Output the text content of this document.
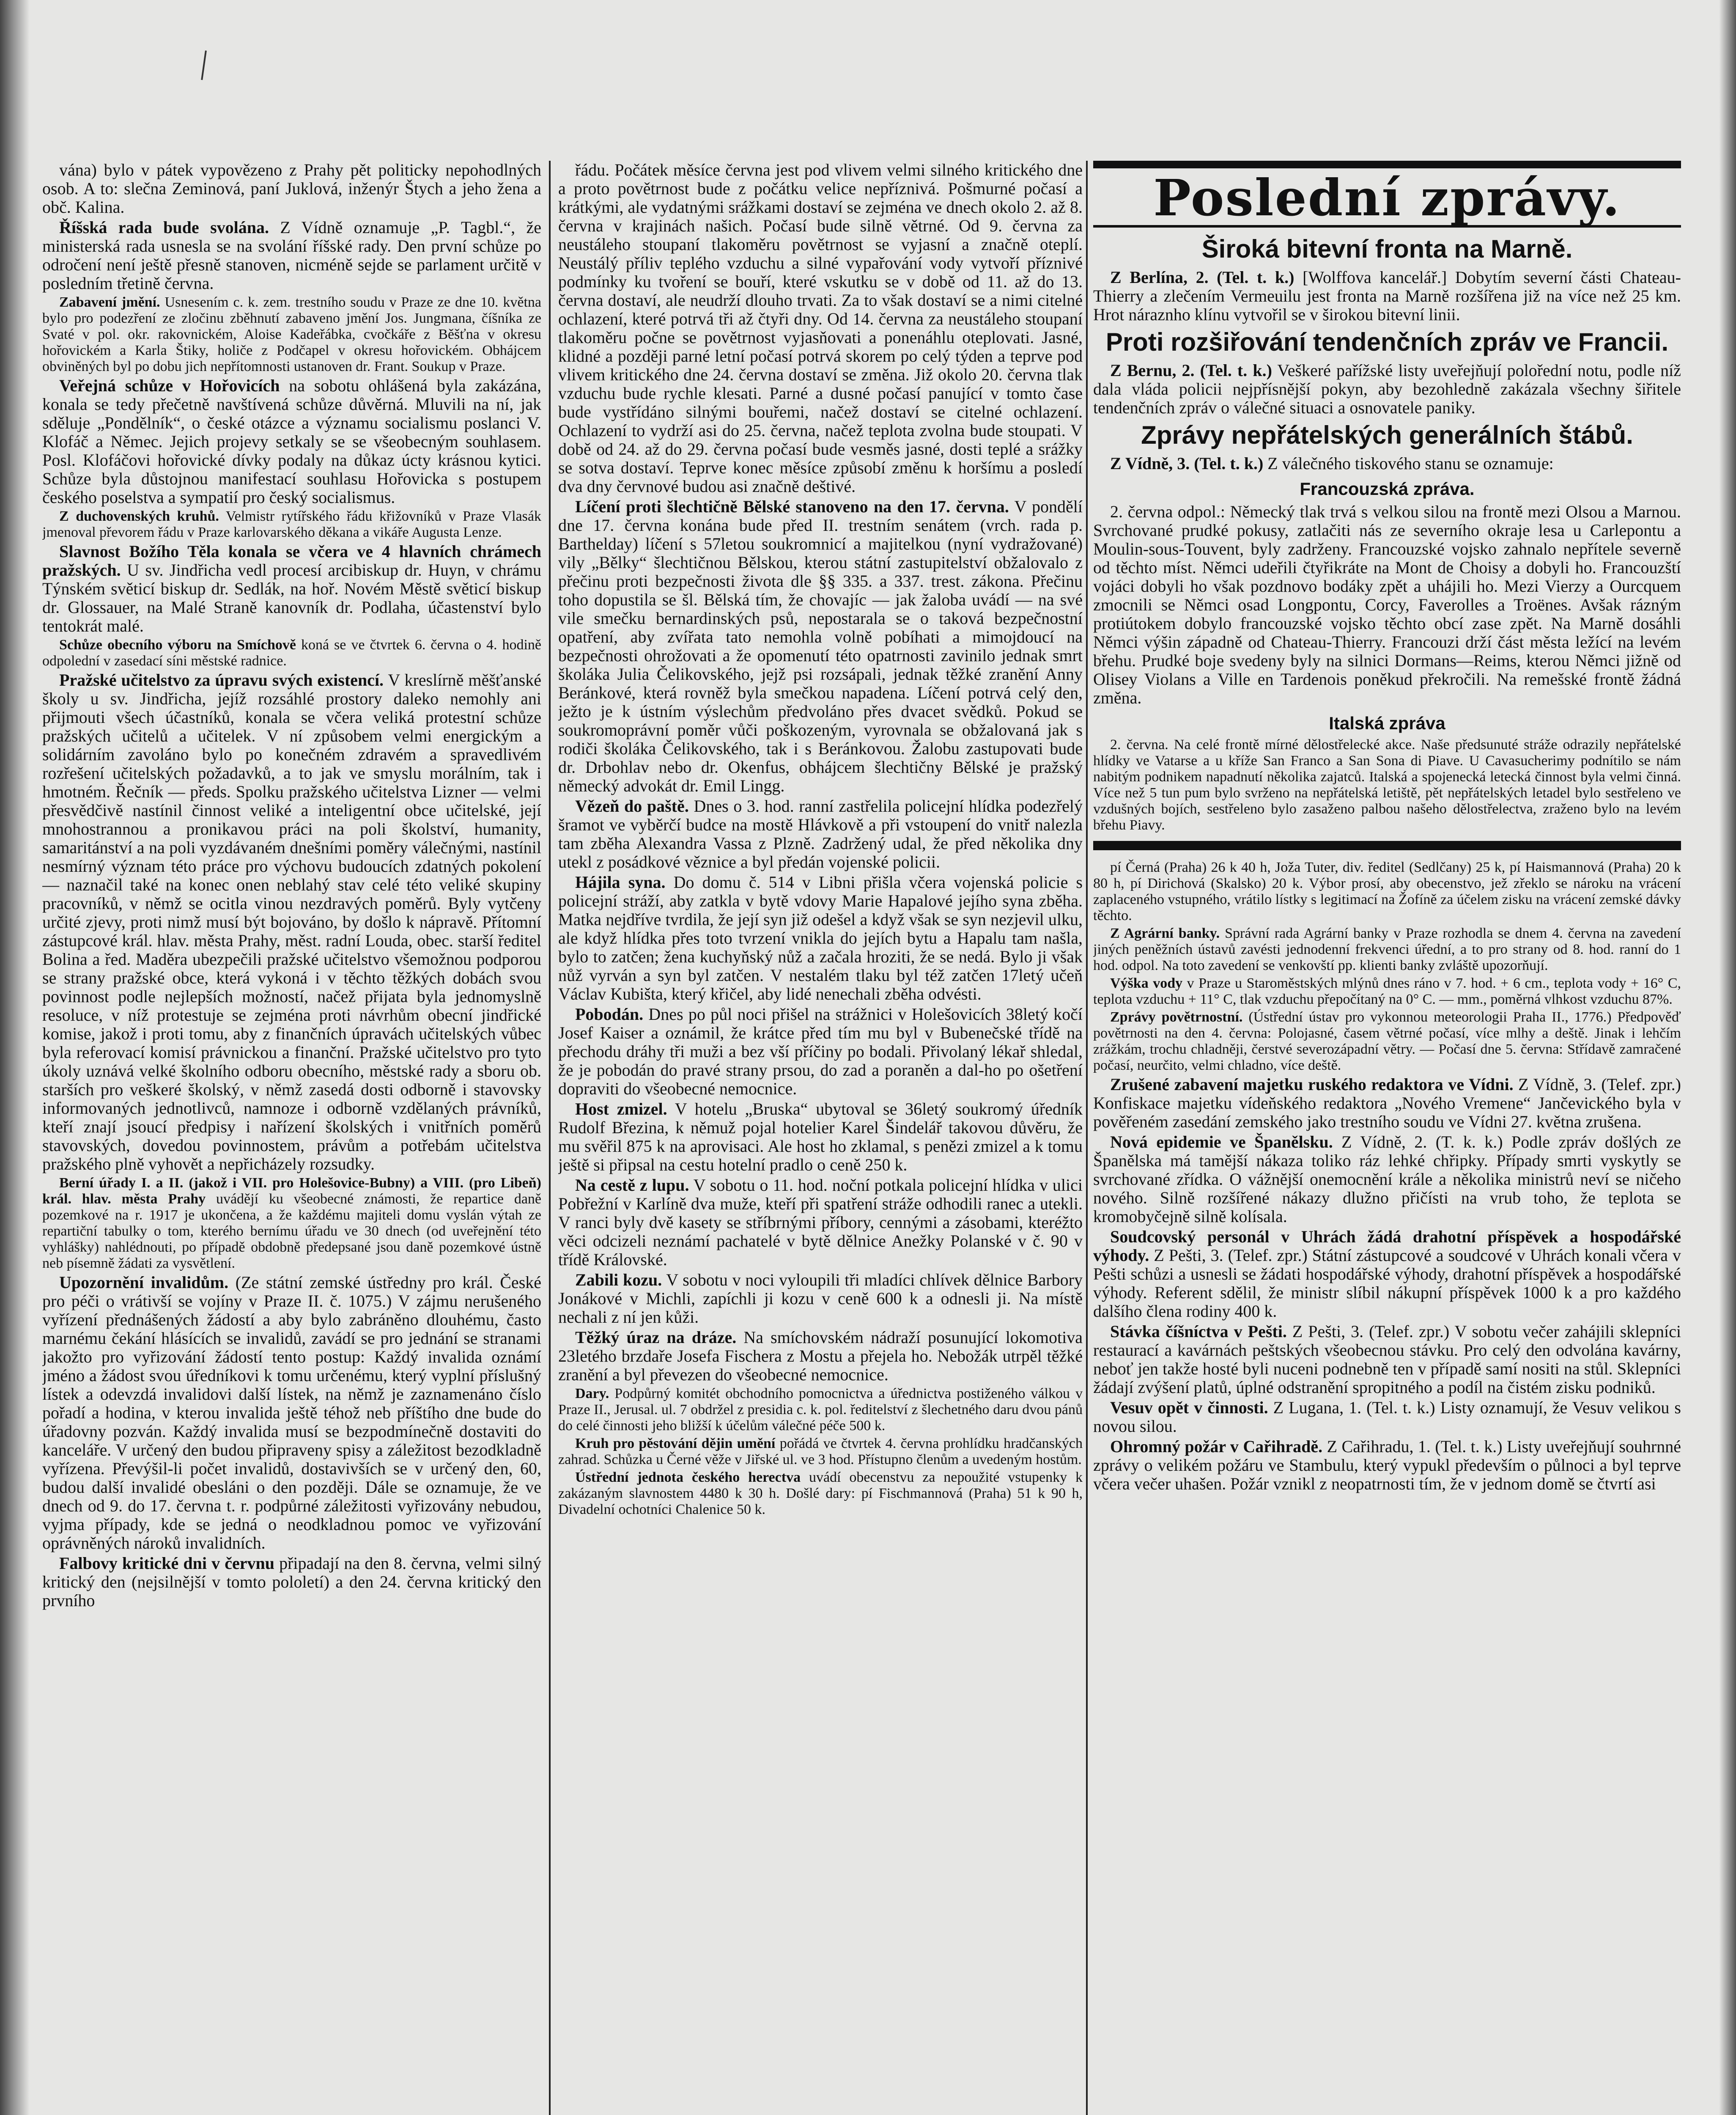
vána) bylo v pátek vypovězeno z Prahy pět politicky nepohodlných osob. A to: slečna Zeminová, paní Juklová, inženýr Štych a jeho žena a obč. Kalina.

Říšská rada bude svolána. Z Vídně oznamuje „P. Tagbl.“, že ministerská rada usnesla se na svolání říšské rady. Den první schůze po odročení není ještě přesně stanoven, nicméně sejde se parlament určitě v posledním třetině června.

Zabavení jmění. Usnesením c. k. zem. trestního soudu v Praze ze dne 10. května bylo pro podezření ze zločinu zběhnutí zabaveno jmění Jos. Jungmana, číšníka ze Svaté v pol. okr. rakovnickém, Aloise Kadeřábka, cvočkáře z Běšťna v okresu hořovickém a Karla Štiky, holiče z Podčapel v okresu hořovickém. Obhájcem obviněných byl po dobu jich nepřítomnosti ustanoven dr. Frant. Soukup v Praze.

Veřejná schůze v Hořovicích na sobotu ohlášená byla zakázána, konala se tedy přečetně navštívená schůze důvěrná. Mluvili na ní, jak sděluje „Pondělník“, o české otázce a významu socialismu poslanci V. Klofáč a Němec. Jejich projevy setkaly se se všeobecným souhlasem. Posl. Klofáčovi hořovické dívky podaly na důkaz úcty krásnou kytici. Schůze byla důstojnou manifestací souhlasu Hořovicka s postupem českého poselstva a sympatií pro český socialismus.

Z duchovenských kruhů. Velmistr rytířského řádu křižovníků v Praze Vlasák jmenoval převorem řádu v Praze karlovarského děkana a vikáře Augusta Lenze.

Slavnost Božího Těla konala se včera ve 4 hlavních chrámech pražských. U sv. Jindřicha vedl procesí arcibiskup dr. Huyn, v chrámu Týnském světicí biskup dr. Sedlák, na hoř. Novém Městě světicí biskup dr. Glossauer, na Malé Straně kanovník dr. Podlaha, účastenství bylo tentokrát malé.

Schůze obecního výboru na Smíchově koná se ve čtvrtek 6. června o 4. hodině odpolední v zasedací síni městské radnice.

Pražské učitelstvo za úpravu svých existencí. V kreslírně měšťanské školy u sv. Jindřicha, jejíž rozsáhlé prostory daleko nemohly ani přijmouti všech účastníků, konala se včera veliká protestní schůze pražských učitelů a učitelek. V ní způsobem velmi energickým a solidárním zavoláno bylo po konečném zdravém a spravedlivém rozřešení učitelských požadavků, a to jak ve smyslu morálním, tak i hmotném. Řečník — předs. Spolku pražského učitelstva Lizner — velmi přesvědčivě nastínil činnost veliké a inteligentní obce učitelské, její mnohostrannou a pronikavou práci na poli školství, humanity, samaritánství a na poli vyzdávaném dnešními poměry válečnými, nastínil nesmírný význam této práce pro výchovu budoucích zdatných pokolení — naznačil také na konec onen neblahý stav celé této veliké skupiny pracovníků, v němž se ocitla vinou nezdravých poměrů. Byly vytčeny určité zjevy, proti nimž musí být bojováno, by došlo k nápravě. Přítomní zástupcové král. hlav. města Prahy, měst. radní Louda, obec. starší ředitel Bolina a řed. Maděra ubezpečili pražské učitelstvo všemožnou podporou se strany pražské obce, která vykoná i v těchto těžkých dobách svou povinnost podle nejlepších možností, načež přijata byla jednomyslně resoluce, v níž protestuje se zejména proti návrhům obecní jindřické komise, jakož i proti tomu, aby z finančních úpravách učitelských vůbec byla referovací komisí právnickou a finanční. Pražské učitelstvo pro tyto úkoly uznává velké školního odboru obecního, městské rady a sboru ob. starších pro veškeré školský, v němž zasedá dosti odborně i stavovsky informovaných jednotlivců, namnoze i odborně vzdělaných právníků, kteří znají jsoucí předpisy i nařízení školských i vnitřních poměrů stavovských, dovedou povinnostem, právům a potřebám učitelstva pražského plně vyhovět a nepřicházely rozsudky.

Berní úřady I. a II. (jakož i VII. pro Holešovice-Bubny) a VIII. (pro Libeň) král. hlav. města Prahy uvádějí ku všeobecné známosti, že repartice daně pozemkové na r. 1917 je ukončena, a že každému majiteli domu vyslán výtah ze repartiční tabulky o tom, kterého bernímu úřadu ve 30 dnech (od uveřejnění této vyhlášky) nahlédnouti, po případě obdobně předepsané jsou daně pozemkové ústně neb písemně žádati za vysvětlení.

Upozornění invalidům. (Ze státní zemské ústředny pro král. České pro péči o vrátivší se vojíny v Praze II. č. 1075.) V zájmu nerušeného vyřízení přednášených žádostí a aby bylo zabráněno dlouhému, často marnému čekání hlásících se invalidů, zavádí se pro jednání se stranami jakožto pro vyřizování žádostí tento postup: Každý invalida oznámí jméno a žádost svou úředníkovi k tomu určenému, který vyplní příslušný lístek a odevzdá invalidovi další lístek, na němž je zaznamenáno číslo pořadí a hodina, v kterou invalida ještě téhož neb příštího dne bude do úřadovny pozván. Každý invalida musí se bezpodmínečně dostaviti do kanceláře. V určený den budou připraveny spisy a záležitost bezodkladně vyřízena. Převýšil-li počet invalidů, dostavivších se v určený den, 60, budou další invalidé obesláni o den později. Dále se oznamuje, že ve dnech od 9. do 17. června t. r. podpůrné záležitosti vyřizovány nebudou, vyjma případy, kde se jedná o neodkladnou pomoc ve vyřizování oprávněných nároků invalidních.

Falbovy kritické dni v červnu připadají na den 8. června, velmi silný kritický den (nejsilnější v tomto pololetí) a den 24. června kritický den prvního

řádu. Počátek měsíce června jest pod vlivem velmi silného kritického dne a proto povětrnost bude z počátku velice nepříznivá. Pošmurné počasí a krátkými, ale vydatnými srážkami dostaví se zejména ve dnech okolo 2. až 8. června v krajinách našich. Počasí bude silně větrné. Od 9. června za neustáleho stoupaní tlakoměru povětrnost se vyjasní a značně oteplí. Neustálý příliv teplého vzduchu a silné vypařování vody vytvoří příznivé podmínky ku tvoření se bouří, které vskutku se v době od 11. až do 13. června dostaví, ale neudrží dlouho trvati. Za to však dostaví se a nimi citelné ochlazení, které potrvá tři až čtyři dny. Od 14. června za neustáleho stoupaní tlakoměru počne se povětrnost vyjasňovati a ponenáhlu oteplovati. Jasné, klidné a později parné letní počasí potrvá skorem po celý týden a teprve pod vlivem kritického dne 24. června dostaví se změna. Již okolo 20. června tlak vzduchu bude rychle klesati. Parné a dusné počasí panující v tomto čase bude vystřídáno silnými bouřemi, načež dostaví se citelné ochlazení. Ochlazení to vydrží asi do 25. června, načež teplota zvolna bude stoupati. V době od 24. až do 29. června počasí bude vesměs jasné, dosti teplé a srážky se sotva dostaví. Teprve konec měsíce způsobí změnu k horšímu a posledí dva dny červnové budou asi značně deštivé.

Líčení proti šlechtičně Bělské stanoveno na den 17. června. V pondělí dne 17. června konána bude před II. trestním senátem (vrch. rada p. Barthelday) líčení s 57letou soukromnicí a majitelkou (nyní vydražované) vily „Bělky“ šlechtičnou Bělskou, kterou státní zastupitelství obžalovalo z přečinu proti bezpečnosti života dle §§ 335. a 337. trest. zákona. Přečinu toho dopustila se šl. Bělská tím, že chovajíc — jak žaloba uvádí — na své vile smečku bernardinských psů, nepostarala se o taková bezpečnostní opatření, aby zvířata tato nemohla volně pobíhati a mimojdoucí na bezpečnosti ohrožovati a že opomenutí této opatrnosti zavinilo jednak smrt školáka Julia Čelikovského, jejž psi rozsápali, jednak těžké zranění Anny Beránkové, která rovněž byla smečkou napadena. Líčení potrvá celý den, ježto je k ústním výslechům předvoláno přes dvacet svědků. Pokud se soukromoprávní poměr vůči poškozeným, vyrovnala se obžalovaná jak s rodiči školáka Čelikovského, tak i s Beránkovou. Žalobu zastupovati bude dr. Drbohlav nebo dr. Okenfus, obhájcem šlechtičny Bělské je pražský německý advokát dr. Emil Lingg.

Vězeň do paště. Dnes o 3. hod. ranní zastřelila policejní hlídka podezřelý šramot ve vyběrčí budce na mostě Hlávkově a při vstoupení do vnitř nalezla tam zběha Alexandra Vassa z Plzně. Zadržený udal, že před několika dny utekl z posádkové věznice a byl předán vojenské policii.

Hájila syna. Do domu č. 514 v Libni přišla včera vojenská policie s policejní stráží, aby zatkla v bytě vdovy Marie Hapalové jejího syna zběha. Matka nejdříve tvrdila, že její syn již odešel a když však se syn nezjevil ulku, ale když hlídka přes toto tvrzení vnikla do jejích bytu a Hapalu tam našla, bylo to zatčen; žena kuchyňský nůž a začala hroziti, že se nedá. Bylo ji však nůž vyrván a syn byl zatčen. V nestalém tlaku byl též zatčen 17letý učeň Václav Kubišta, který křičel, aby lidé nenechali zběha odvésti.

Pobodán. Dnes po půl noci přišel na strážnici v Holešovicích 38letý kočí Josef Kaiser a oznámil, že krátce před tím mu byl v Bubenečské třídě na přechodu dráhy tři muži a bez vší příčiny po bodali. Přivolaný lékař shledal, že je pobodán do pravé strany prsou, do zad a poraněn a dal-ho po ošetření dopraviti do všeobecné nemocnice.

Host zmizel. V hotelu „Bruska“ ubytoval se 36letý soukromý úředník Rudolf Březina, k němuž pojal hotelier Karel Šindelář takovou důvěru, že mu svěřil 875 k na aprovisaci. Ale host ho zklamal, s penězi zmizel a k tomu ještě si připsal na cestu hotelní pradlo o ceně 250 k.

Na cestě z lupu. V sobotu o 11. hod. noční potkala policejní hlídka v ulici Pobřežní v Karlíně dva muže, kteří při spatření stráže odhodili ranec a utekli. V ranci byly dvě kasety se stříbrnými příbory, cennými a zásobami, kteréžto věci odcizeli neznámí pachatelé v bytě dělnice Anežky Polanské v č. 90 v třídě Královské.

Zabili kozu. V sobotu v noci vyloupili tři mladíci chlívek dělnice Barbory Jonákové v Michli, zapíchli ji kozu v ceně 600 k a odnesli ji. Na místě nechali z ní jen kůži.

Těžký úraz na dráze. Na smíchovském nádraží posunující lokomotiva 23letého brzdaře Josefa Fischera z Mostu a přejela ho. Nebožák utrpěl těžké zranění a byl převezen do všeobecné nemocnice.

Dary. Podpůrný komitét obchodního pomocnictva a úřednictva postiženého válkou v Praze II., Jerusal. ul. 7 obdržel z presidia c. k. pol. ředitelství z šlechetného daru dvou pánů do celé činnosti jeho bližší k účelům válečné péče 500 k.

Kruh pro pěstování dějin umění pořádá ve čtvrtek 4. června prohlídku hradčanských zahrad. Schůzka u Černé věže v Jiřské ul. ve 3 hod. Přístupno členům a uvedeným hostům.

Ústřední jednota českého herectva uvádí obecenstvu za nepoužité vstupenky k zakázaným slavnostem 4480 k 30 h. Došlé dary: pí Fischmannová (Praha) 51 k 90 h, Divadelní ochotníci Chalenice 50 k.

Poslední zprávy.
Široká bitevní fronta na Marně.

Z Berlína, 2. (Tel. t. k.) [Wolffova kancelář.] Dobytím severní části Chateau-Thierry a zlečením Vermeuilu jest fronta na Marně rozšířena již na více než 25 km. Hrot náraznho klínu vytvořil se v širokou bitevní linii.

Proti rozšiřování tendenčních zpráv ve Francii.

Z Bernu, 2. (Tel. t. k.) Veškeré pařížské listy uveřejňují polořední notu, podle níž dala vláda policii nejpřísnější pokyn, aby bezohledně zakázala všechny šiřitele tendenčních zpráv o válečné situaci a osnovatele paniky.

Zprávy nepřátelských generálních štábů.

Z Vídně, 3. (Tel. t. k.) Z válečného tiskového stanu se oznamuje:

Francouzská zpráva.

2. června odpol.: Německý tlak trvá s velkou silou na frontě mezi Olsou a Marnou. Svrchované prudké pokusy, zatlačiti nás ze severního okraje lesa u Carlepontu a Moulin-sous-Touvent, byly zadrženy. Francouzské vojsko zahnalo nepřítele severně od těchto míst. Němci udeřili čtyřikráte na Mont de Choisy a dobyli ho. Francouzští vojáci dobyli ho však pozdnovo bodáky zpět a uhájili ho. Mezi Vierzy a Ourcquem zmocnili se Němci osad Longpontu, Corcy, Faverolles a Troënes. Avšak rázným protiútokem dobylo francouzské vojsko těchto obcí zase zpět. Na Marně dosáhli Němci výšin západně od Chateau-Thierry. Francouzi drží část města ležící na levém břehu. Prudké boje svedeny byly na silnici Dormans—Reims, kterou Němci jižně od Olisey Violans a Ville en Tardenois poněkud překročili. Na remešské frontě žádná změna.

Italská zpráva

2. června. Na celé frontě mírné dělostřelecké akce. Naše předsunuté stráže odrazily nepřátelské hlídky ve Vatarse a u kříže San Franco a San Sona di Piave. U Cavasucherimy podnítilo se nám nabitým podnikem napadnutí několika zajatců. Italská a spojenecká letecká činnost byla velmi činná. Více než 5 tun pum bylo svrženo na nepřátelská letiště, pět nepřátelských letadel bylo sestřeleno ve vzdušných bojích, sestřeleno bylo zasaženo palbou našeho dělostřelectva, zraženo bylo na levém břehu Piavy.

pí Černá (Praha) 26 k 40 h, Joža Tuter, div. ředitel (Sedlčany) 25 k, pí Haismannová (Praha) 20 k 80 h, pí Dirichová (Skalsko) 20 k. Výbor prosí, aby obecenstvo, jež zřeklo se nároku na vrácení zaplaceného vstupného, vrátilo lístky s legitimací na Žofíně za účelem zisku na vrácení zemské dávky těchto.

Z Agrární banky. Správní rada Agrární banky v Praze rozhodla se dnem 4. června na zavedení jiných peněžních ústavů zavésti jednodenní frekvenci úřední, a to pro strany od 8. hod. ranní do 1 hod. odpol. Na toto zavedení se venkovští pp. klienti banky zvláště upozorňují.

Výška vody v Praze u Staroměstských mlýnů dnes ráno v 7. hod. + 6 cm., teplota vody + 16° C, teplota vzduchu + 11° C, tlak vzduchu přepočítaný na 0° C. — mm., poměrná vlhkost vzduchu 87%.

Zprávy povětrnostní. (Ústřední ústav pro vykonnou meteorologii Praha II., 1776.) Předpověď povětrnosti na den 4. června: Polojasné, časem větrné počasí, více mlhy a deště. Jinak i lehčím zrážkám, trochu chladněji, čerstvé severozápadní větry. — Počasí dne 5. června: Střídavě zamračené počasí, neurčito, velmi chladno, více deště.

Zrušené zabavení majetku ruského redaktora ve Vídni. Z Vídně, 3. (Telef. zpr.) Konfiskace majetku vídeňského redaktora „Nového Vremene“ Jančevického byla v pověřeném zasedání zemského jako trestního soudu ve Vídni 27. května zrušena.

Nová epidemie ve Španělsku. Z Vídně, 2. (T. k. k.) Podle zpráv došlých ze Španělska má tamější nákaza toliko ráz lehké chřipky. Případy smrti vyskytly se svrchované zřídka. O vážnější onemocnění krále a několika ministrů neví se ničeho nového. Silně rozšířené nákazy dlužno přičísti na vrub toho, že teplota se kromobyčejně silně kolísala.

Soudcovský personál v Uhrách žádá drahotní příspěvek a hospodářské výhody. Z Pešti, 3. (Telef. zpr.) Státní zástupcové a soudcové v Uhrách konali včera v Pešti schůzi a usnesli se žádati hospodářské výhody, drahotní příspěvek a hospodářské výhody. Referent sdělil, že ministr slíbil nákupní příspěvek 1000 k a pro každého dalšího člena rodiny 400 k.

Stávka číšníctva v Pešti. Z Pešti, 3. (Telef. zpr.) V sobotu večer zahájili sklepníci restaurací a kavárnách peštských všeobecnou stávku. Pro celý den odvolána kavárny, neboť jen takže hosté byli nuceni podnebně ten v případě samí nositi na stůl. Sklepníci žádají zvýšení platů, úplné odstranění spropitného a podíl na čistém zisku podniků.

Vesuv opět v činnosti. Z Lugana, 1. (Tel. t. k.) Listy oznamují, že Vesuv velikou s novou silou.

Ohromný požár v Cařihradě. Z Cařihradu, 1. (Tel. t. k.) Listy uveřejňují souhrnné zprávy o velikém požáru ve Stambulu, který vypukl především o půlnoci a byl teprve včera večer uhašen. Požár vznikl z neopatrnosti tím, že v jednom domě se čtvrtí asi
